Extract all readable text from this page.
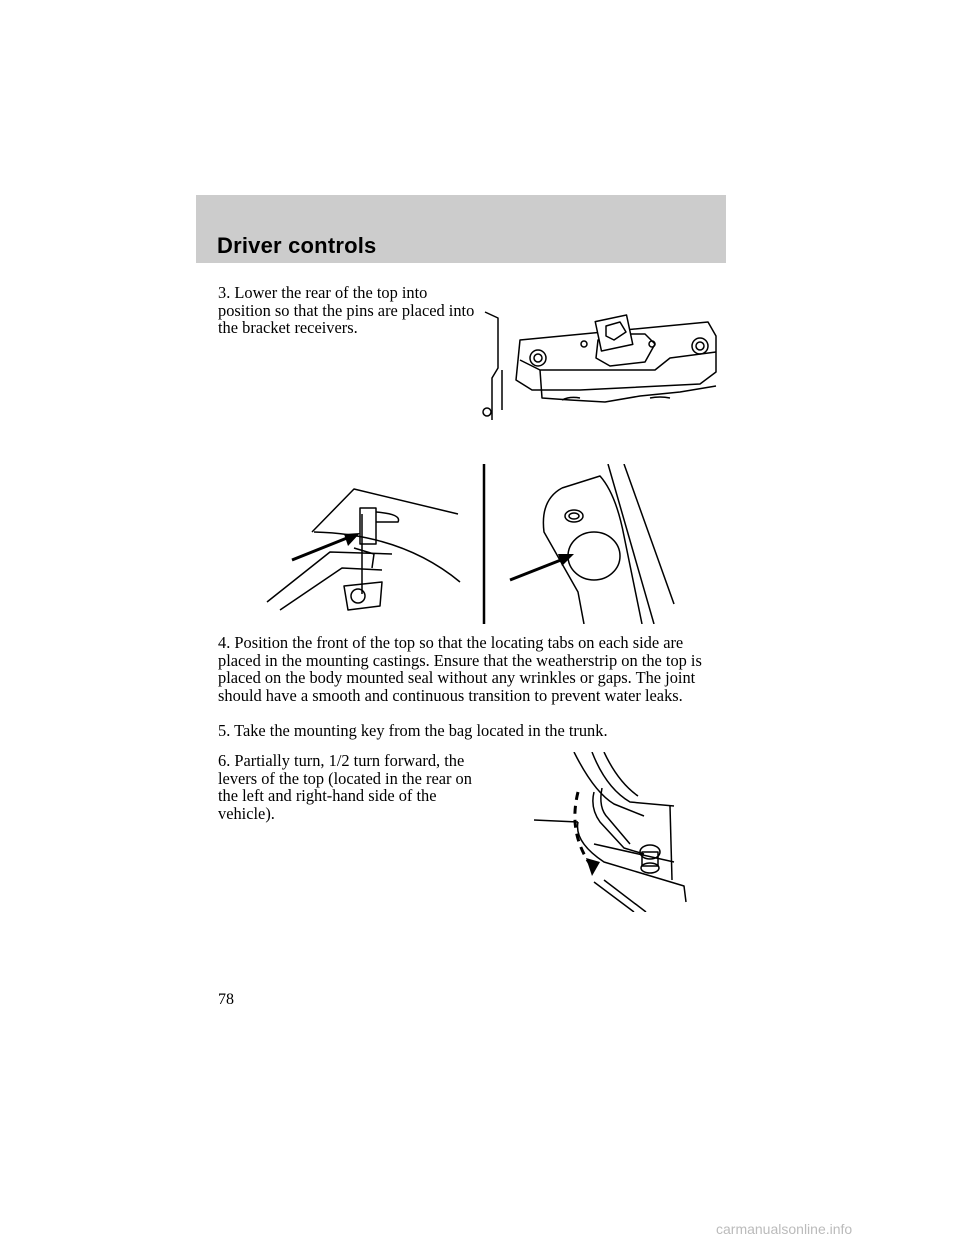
Driver controls

3. Lower the rear of the top into position so that the pins are placed into the bracket receivers.

4. Position the front of the top so that the locating tabs on each side are placed in the mounting castings. Ensure that the weatherstrip on the top is placed on the body mounted seal without any wrinkles or gaps. The joint should have a smooth and continuous transition to prevent water leaks.

5. Take the mounting key from the bag located in the trunk.

6. Partially turn, 1/2 turn forward, the levers of the top (located in the rear on the left and right-hand side of the vehicle).

78
carmanualsonline.info
